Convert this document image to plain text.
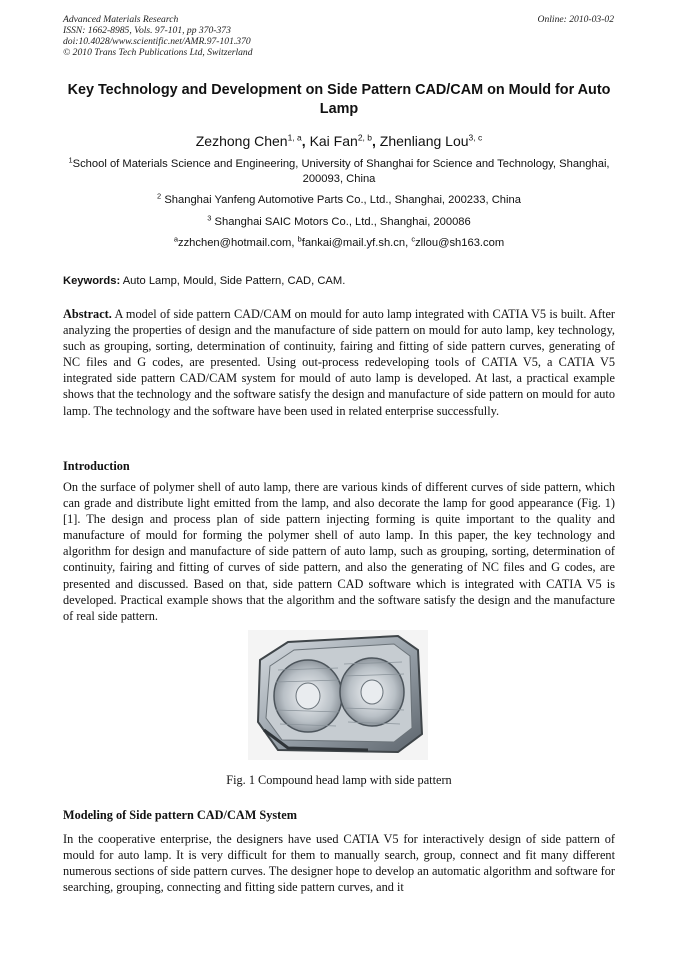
Advanced Materials Research
ISSN: 1662-8985, Vols. 97-101, pp 370-373
doi:10.4028/www.scientific.net/AMR.97-101.370
© 2010 Trans Tech Publications Ltd, Switzerland
Online: 2010-03-02
Key Technology and Development on Side Pattern CAD/CAM on Mould for Auto Lamp
Zezhong Chen$^{1, a}$, Kai Fan$^{2, b}$, Zhenliang Lou$^{3, c}$
$^1$School of Materials Science and Engineering, University of Shanghai for Science and Technology, Shanghai, 200093, China
$^2$ Shanghai Yanfeng Automotive Parts Co., Ltd., Shanghai, 200233, China
$^3$ Shanghai SAIC Motors Co., Ltd., Shanghai, 200086
$^a$zzhchen@hotmail.com, $^b$fankai@mail.yf.sh.cn, $^c$zllou@sh163.com
Keywords: Auto Lamp, Mould, Side Pattern, CAD, CAM.
Abstract. A model of side pattern CAD/CAM on mould for auto lamp integrated with CATIA V5 is built. After analyzing the properties of design and the manufacture of side pattern on mould for auto lamp, key technology, such as grouping, sorting, determination of continuity, fairing and fitting of side pattern curves, generating of NC files and G codes, are presented. Using out-process redeveloping tools of CATIA V5, a CATIA V5 integrated side pattern CAD/CAM system for mould of auto lamp is developed. At last, a practical example shows that the technology and the software satisfy the design and manufacture of side pattern on mould for auto lamp. The technology and the software have been used in related enterprise successfully.
Introduction
On the surface of polymer shell of auto lamp, there are various kinds of different curves of side pattern, which can grade and distribute light emitted from the lamp, and also decorate the lamp for good appearance (Fig. 1) [1]. The design and process plan of side pattern injecting forming is quite important to the quality and manufacture of mould for forming the polymer shell of auto lamp. In this paper, the key technology and algorithm for design and manufacture of side pattern of auto lamp, such as grouping, sorting, determination of continuity, fairing and fitting of curves of side pattern, and also the generating of NC files and G codes, are presented and discussed. Based on that, side pattern CAD software which is integrated with CATIA V5 is developed. Practical example shows that the algorithm and the software satisfy the design and the manufacture of real side pattern.
Fig. 1 Compound head lamp with side pattern
Modeling of Side pattern CAD/CAM System
In the cooperative enterprise, the designers have used CATIA V5 for interactively design of side pattern of mould for auto lamp. It is very difficult for them to manually search, group, connect and fit many different numerous sections of side pattern curves. The designer hope to develop an automatic algorithm and software for searching, grouping, connecting and fitting side pattern curves, and it
